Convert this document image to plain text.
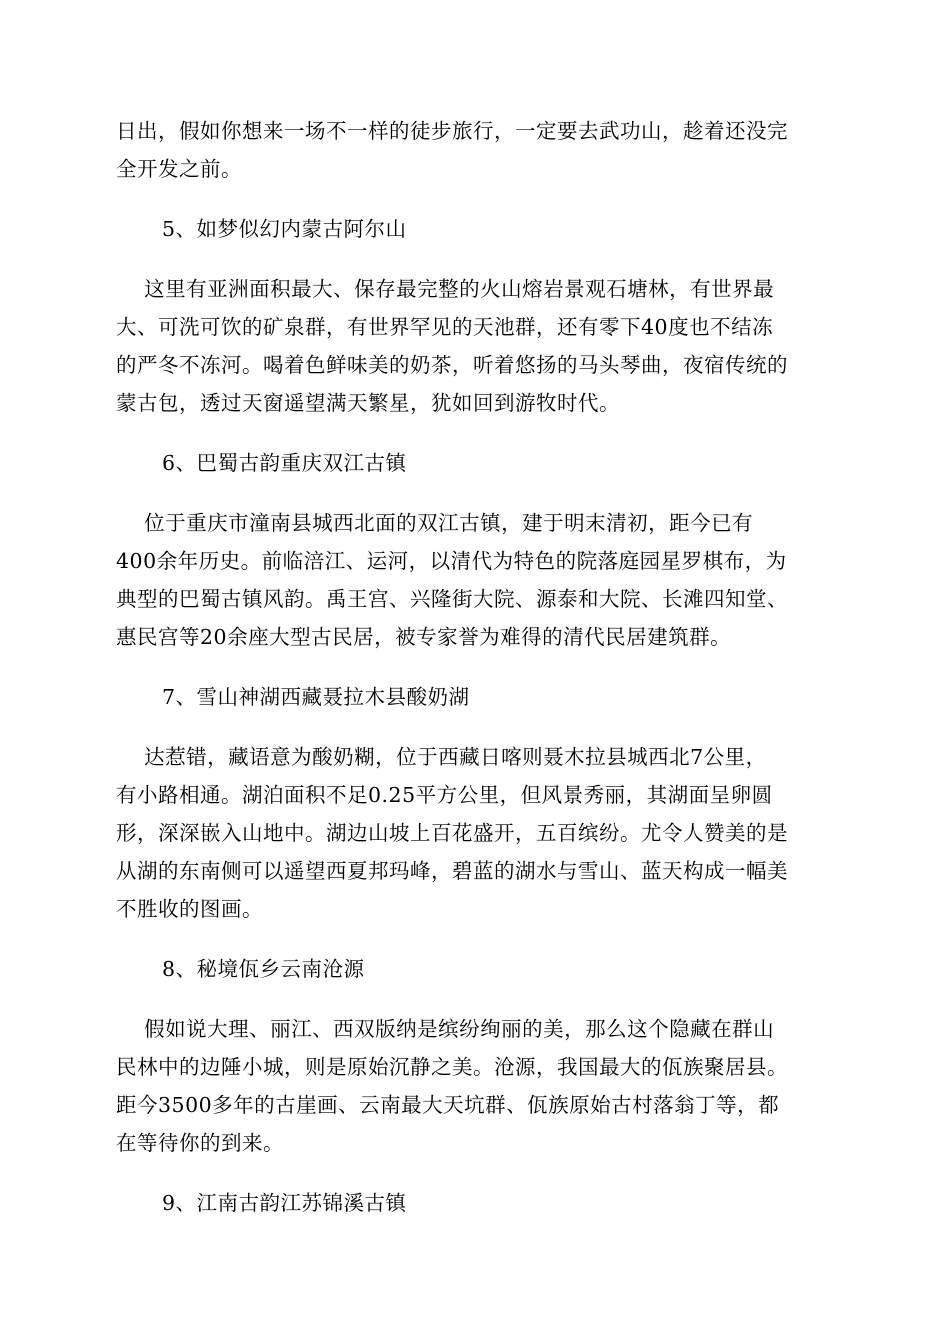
日出，假如你想来一场不一样的徒步旅行，一定要去武功山，趁着还没完
全开发之前。

5、如梦似幻内蒙古阿尔山

这里有亚洲面积最大、保存最完整的火山熔岩景观石塘林，有世界最
大、可洗可饮的矿泉群，有世界罕见的天池群，还有零下40度也不结冻
的严冬不冻河。喝着色鲜味美的奶茶，听着悠扬的马头琴曲，夜宿传统的
蒙古包，透过天窗遥望满天繁星，犹如回到游牧时代。

6、巴蜀古韵重庆双江古镇

位于重庆市潼南县城西北面的双江古镇，建于明末清初，距今已有
400余年历史。前临涪江、运河，以清代为特色的院落庭园星罗棋布，为
典型的巴蜀古镇风韵。禹王宫、兴隆街大院、源泰和大院、长滩四知堂、
惠民宫等20余座大型古民居，被专家誉为难得的清代民居建筑群。

7、雪山神湖西藏聂拉木县酸奶湖

达惹错，藏语意为酸奶糊，位于西藏日喀则聂木拉县城西北7公里，
有小路相通。湖泊面积不足0.25平方公里，但风景秀丽，其湖面呈卵圆
形，深深嵌入山地中。湖边山坡上百花盛开，五百缤纷。尤令人赞美的是
从湖的东南侧可以遥望西夏邦玛峰，碧蓝的湖水与雪山、蓝天构成一幅美
不胜收的图画。

8、秘境佤乡云南沧源

假如说大理、丽江、西双版纳是缤纷绚丽的美，那么这个隐藏在群山
民林中的边陲小城，则是原始沉静之美。沧源，我国最大的佤族聚居县。
距今3500多年的古崖画、云南最大天坑群、佤族原始古村落翁丁等，都
在等待你的到来。

9、江南古韵江苏锦溪古镇
